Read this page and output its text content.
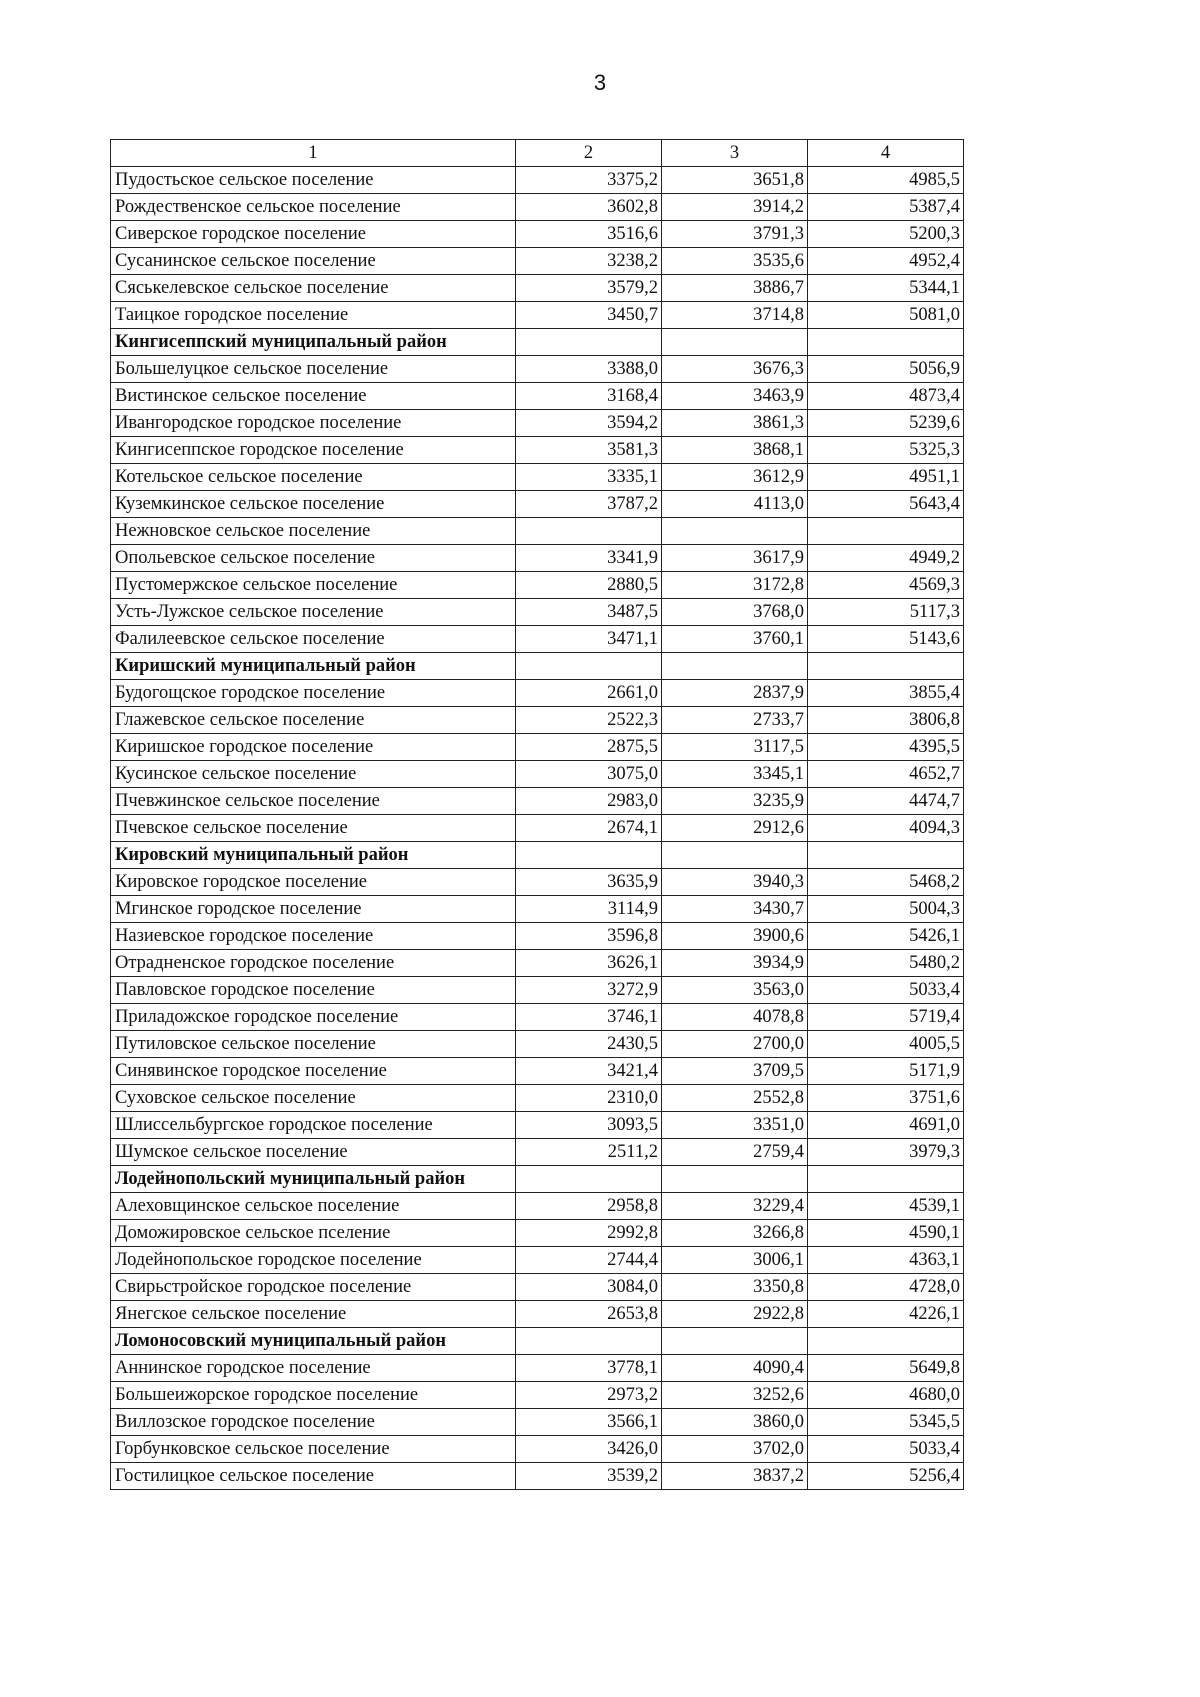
3
1	2	3	4
Пудостьское сельское поселение	3375,2	3651,8	4985,5
Рождественское сельское поселение	3602,8	3914,2	5387,4
Сиверское городское поселение	3516,6	3791,3	5200,3
Сусанинское сельское поселение	3238,2	3535,6	4952,4
Сяськелевское сельское поселение	3579,2	3886,7	5344,1
Таицкое городское поселение	3450,7	3714,8	5081,0
Кингисеппский муниципальный район			
Большелуцкое сельское поселение	3388,0	3676,3	5056,9
Вистинское сельское поселение	3168,4	3463,9	4873,4
Ивангородское городское поселение	3594,2	3861,3	5239,6
Кингисеппское городское поселение	3581,3	3868,1	5325,3
Котельское сельское поселение	3335,1	3612,9	4951,1
Куземкинское сельское поселение	3787,2	4113,0	5643,4
Нежновское сельское поселение			
Опольевское сельское поселение	3341,9	3617,9	4949,2
Пустомержское сельское поселение	2880,5	3172,8	4569,3
Усть-Лужское сельское поселение	3487,5	3768,0	5117,3
Фалилеевское сельское поселение	3471,1	3760,1	5143,6
Киришский муниципальный район			
Будогощское городское поселение	2661,0	2837,9	3855,4
Глажевское сельское поселение	2522,3	2733,7	3806,8
Киришское городское поселение	2875,5	3117,5	4395,5
Кусинское сельское поселение	3075,0	3345,1	4652,7
Пчевжинское сельское поселение	2983,0	3235,9	4474,7
Пчевское сельское поселение	2674,1	2912,6	4094,3
Кировский муниципальный район			
Кировское городское поселение	3635,9	3940,3	5468,2
Мгинское городское поселение	3114,9	3430,7	5004,3
Назиевское городское поселение	3596,8	3900,6	5426,1
Отрадненское городское поселение	3626,1	3934,9	5480,2
Павловское городское поселение	3272,9	3563,0	5033,4
Приладожское городское поселение	3746,1	4078,8	5719,4
Путиловское сельское поселение	2430,5	2700,0	4005,5
Синявинское городское поселение	3421,4	3709,5	5171,9
Суховское сельское поселение	2310,0	2552,8	3751,6
Шлиссельбургское городское поселение	3093,5	3351,0	4691,0
Шумское сельское поселение	2511,2	2759,4	3979,3
Лодейнопольский муниципальный район			
Алеховщинское сельское поселение	2958,8	3229,4	4539,1
Доможировское сельское пселение	2992,8	3266,8	4590,1
Лодейнопольское городское поселение	2744,4	3006,1	4363,1
Свирьстройское городское поселение	3084,0	3350,8	4728,0
Янегское сельское поселение	2653,8	2922,8	4226,1
Ломоносовский муниципальный район			
Аннинское городское поселение	3778,1	4090,4	5649,8
Большеижорское городское поселение	2973,2	3252,6	4680,0
Виллозское городское поселение	3566,1	3860,0	5345,5
Горбунковское сельское поселение	3426,0	3702,0	5033,4
Гостилицкое сельское поселение	3539,2	3837,2	5256,4
